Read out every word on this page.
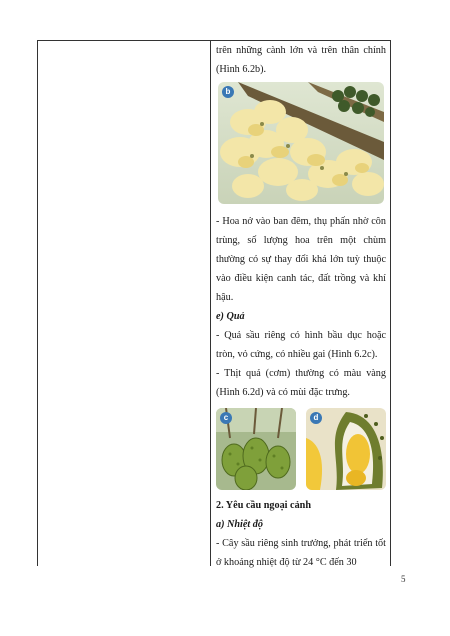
trên những cành lớn và trên thân chính (Hình 6.2b).

b

- Hoa nở vào ban đêm, thụ phấn nhờ côn trùng, số lượng hoa trên một chùm thường có sự thay đổi khá lớn tuỳ thuộc vào điều kiện canh tác, đất trồng và khí hậu.

e) Quả

- Quả sầu riêng có hình bầu dục hoặc tròn, vỏ cứng, có nhiều gai (Hình 6.2c).

- Thịt quả (cơm) thường có màu vàng (Hình 6.2d) và có mùi đặc trưng.

c	d

2. Yêu cầu ngoại cảnh

a) Nhiệt độ

- Cây sầu riêng sinh trưởng, phát triển tốt ở khoảng nhiệt độ từ 24 °C đến 30

5
